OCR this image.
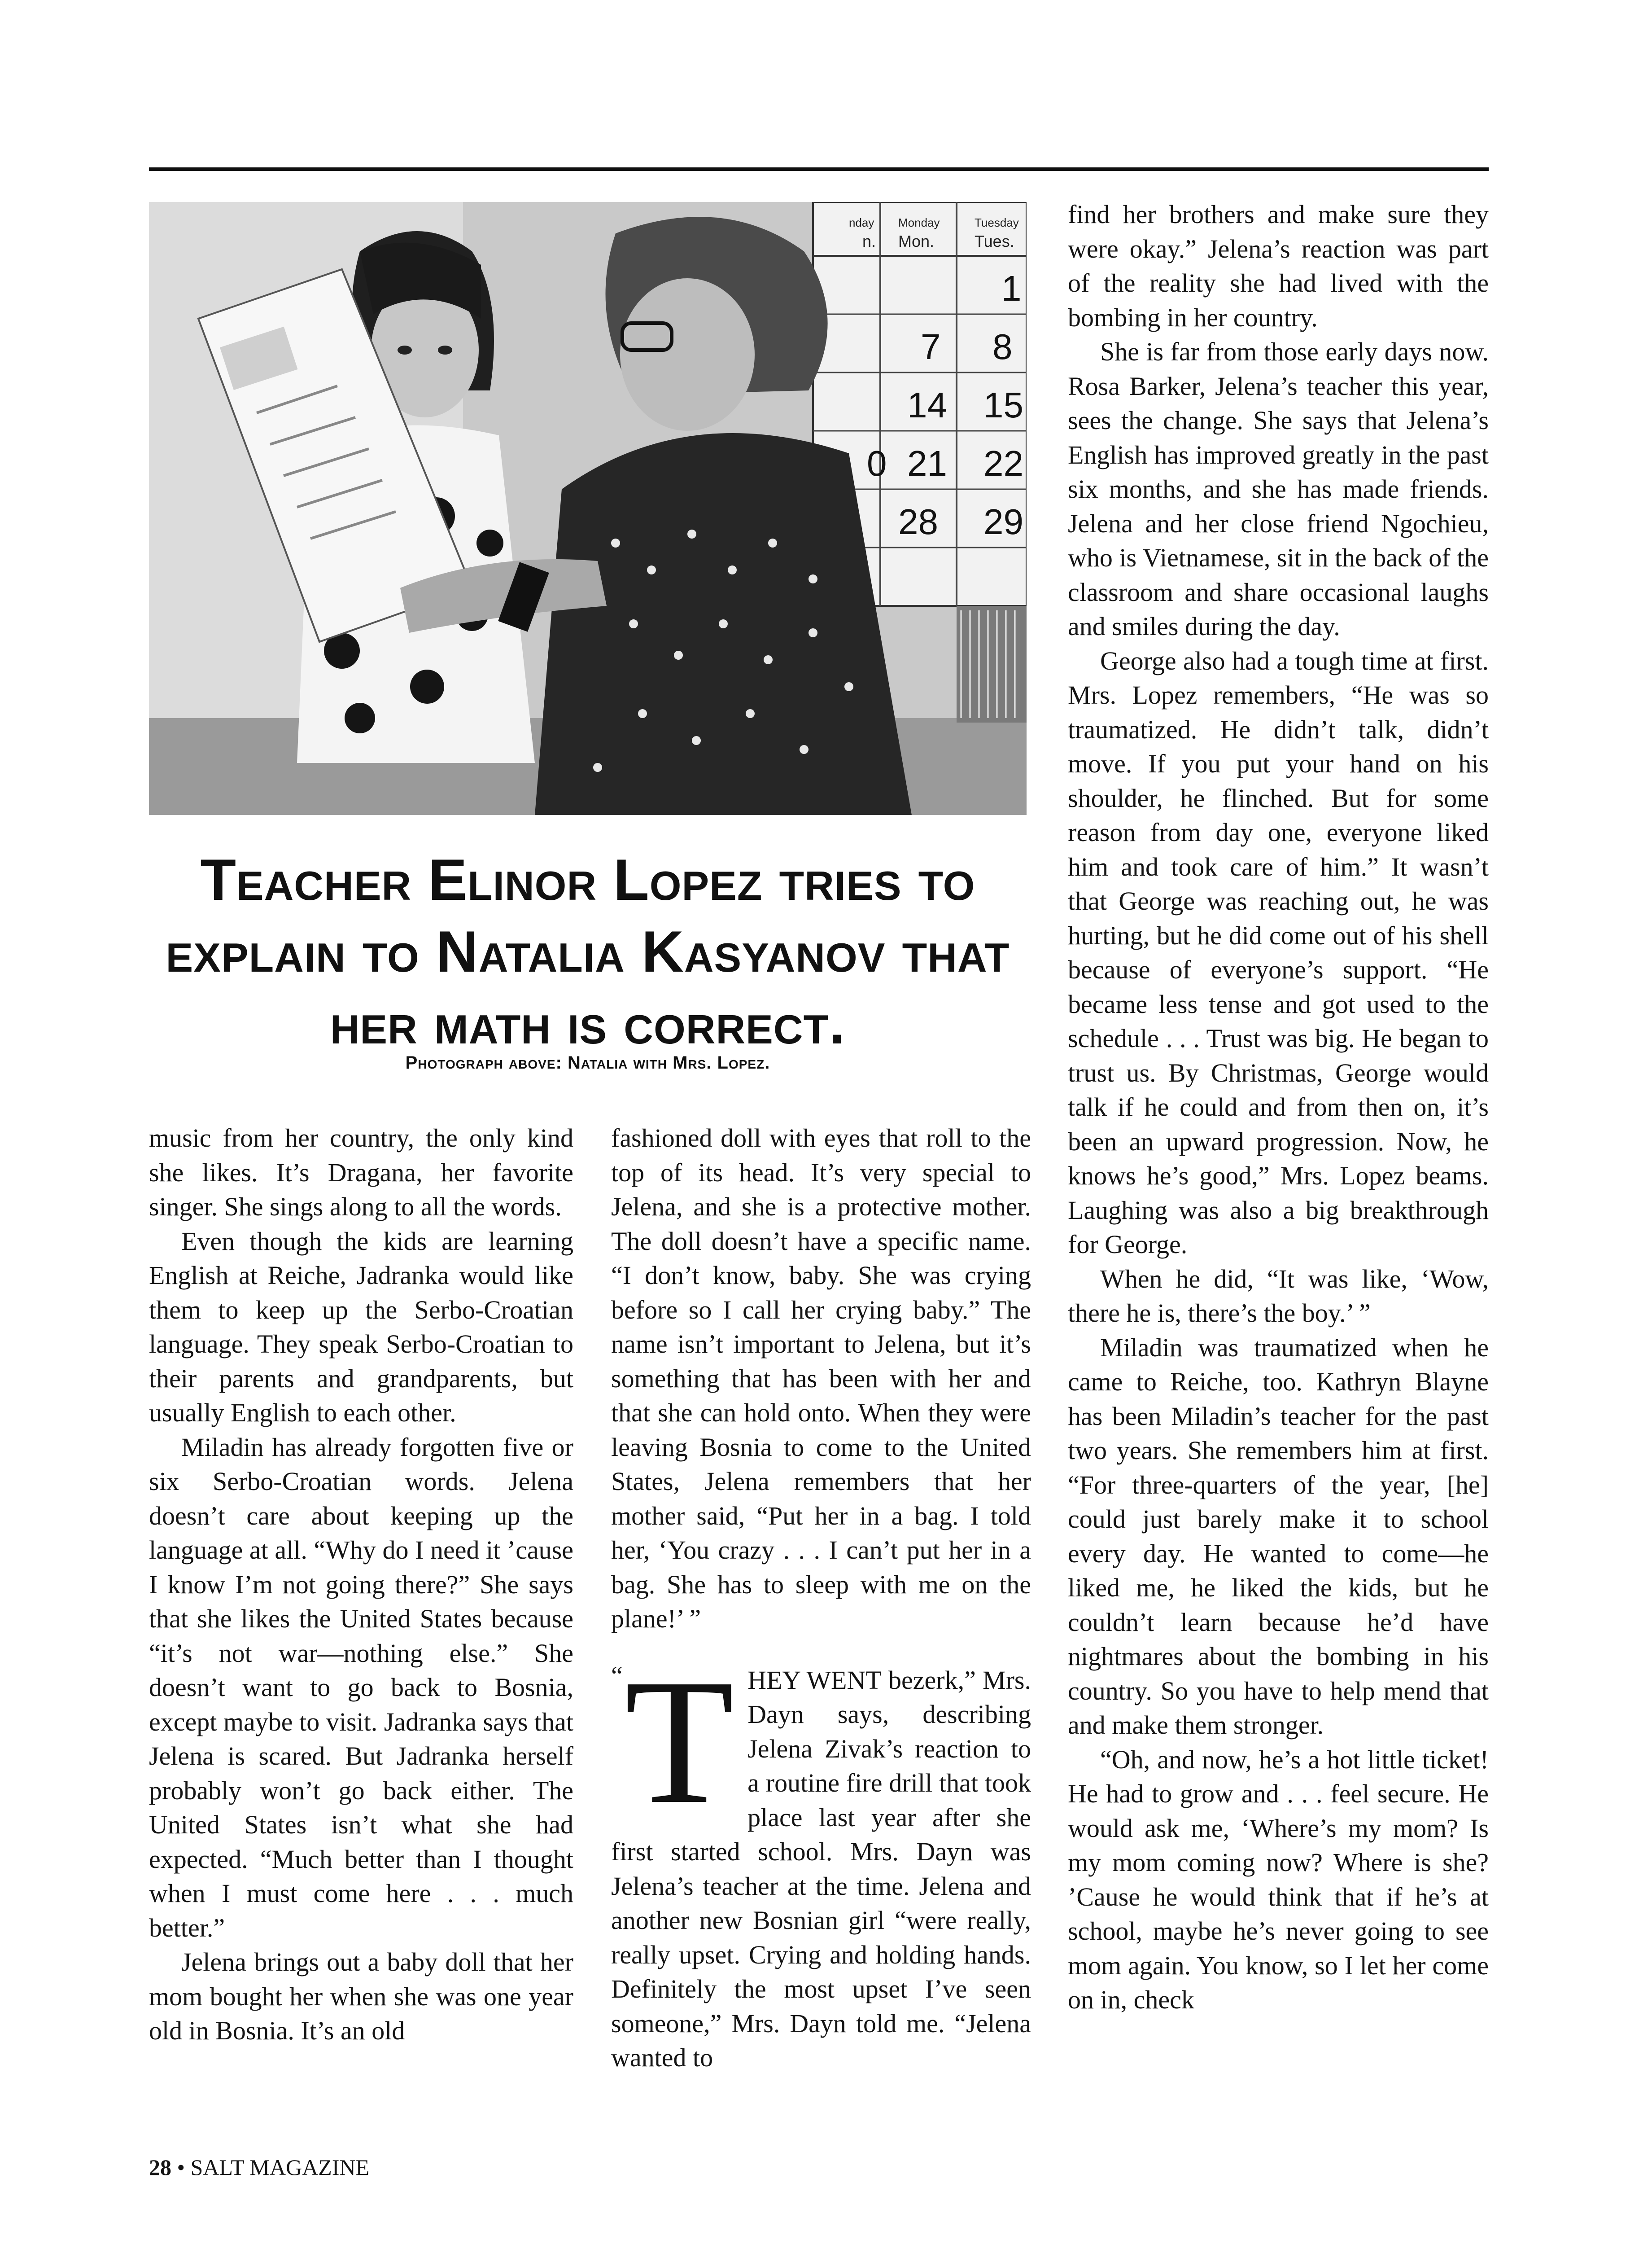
nday Monday	Tuesday
n. Mon. Tues.
1
7 8
14 15
0 21 22
28 29
Teacher Elinor Lopez tries to explain to Natalia Kasyanov that her math is correct.
Photograph above: Natalia with Mrs. Lopez.

music from her country, the only kind she likes. It’s Dragana, her favorite singer. She sings along to all the words.

Even though the kids are learning English at Reiche, Jadranka would like them to keep up the Serbo-Croatian language. They speak Serbo-Croatian to their parents and grandparents, but usually English to each other.

Miladin has already forgotten five or six Serbo-Croatian words. Jelena doesn’t care about keeping up the language at all. “Why do I need it ’cause I know I’m not going there?” She says that she likes the United States because “it’s not war—nothing else.” She doesn’t want to go back to Bosnia, except maybe to visit. Jadranka says that Jelena is scared. But Jadranka herself probably won’t go back either. The United States isn’t what she had expected. “Much better than I thought when I must come here . . . much better.”

Jelena brings out a baby doll that her mom bought her when she was one year old in Bosnia. It’s an old

fashioned doll with eyes that roll to the top of its head. It’s very special to Jelena, and she is a protective mother. The doll doesn’t have a specific name. “I don’t know, baby. She was crying before so I call her crying baby.” The name isn’t important to Jelena, but it’s something that has been with her and that she can hold onto. When they were leaving Bosnia to come to the United States, Jelena remembers that her mother said, “Put her in a bag. I told her, ‘You crazy . . . I can’t put her in a bag. She has to sleep with me on the plane!’ ”

“ T HEY WENT bezerk,” Mrs. Dayn says, describing Jelena Zivak’s reaction to a routine fire drill that took place last year after she first started school. Mrs. Dayn was Jelena’s teacher at the time. Jelena and another new Bosnian girl “were really, really upset. Crying and holding hands. Definitely the most upset I’ve seen someone,” Mrs. Dayn told me. “Jelena wanted to

find her brothers and make sure they were okay.” Jelena’s reaction was part of the reality she had lived with the bombing in her country.

She is far from those early days now. Rosa Barker, Jelena’s teacher this year, sees the change. She says that Jelena’s English has improved greatly in the past six months, and she has made friends. Jelena and her close friend Ngochieu, who is Vietnamese, sit in the back of the classroom and share occasional laughs and smiles during the day.

George also had a tough time at first. Mrs. Lopez remembers, “He was so traumatized. He didn’t talk, didn’t move. If you put your hand on his shoulder, he flinched. But for some reason from day one, everyone liked him and took care of him.” It wasn’t that George was reaching out, he was hurting, but he did come out of his shell because of everyone’s support. “He became less tense and got used to the schedule . . . Trust was big. He began to trust us. By Christmas, George would talk if he could and from then on, it’s been an upward progression. Now, he knows he’s good,” Mrs. Lopez beams. Laughing was also a big breakthrough for George.

When he did, “It was like, ‘Wow, there he is, there’s the boy.’ ”

Miladin was traumatized when he came to Reiche, too. Kathryn Blayne has been Miladin’s teacher for the past two years. She remembers him at first. “For three-quarters of the year, [he] could just barely make it to school every day. He wanted to come—he liked me, he liked the kids, but he couldn’t learn because he’d have nightmares about the bombing in his country. So you have to help mend that and make them stronger.

“Oh, and now, he’s a hot little ticket! He had to grow and . . . feel secure. He would ask me, ‘Where’s my mom? Is my mom coming now? Where is she? ’Cause he would think that if he’s at school, maybe he’s never going to see mom again. You know, so I let her come on in, check

28 • SALT MAGAZINE
